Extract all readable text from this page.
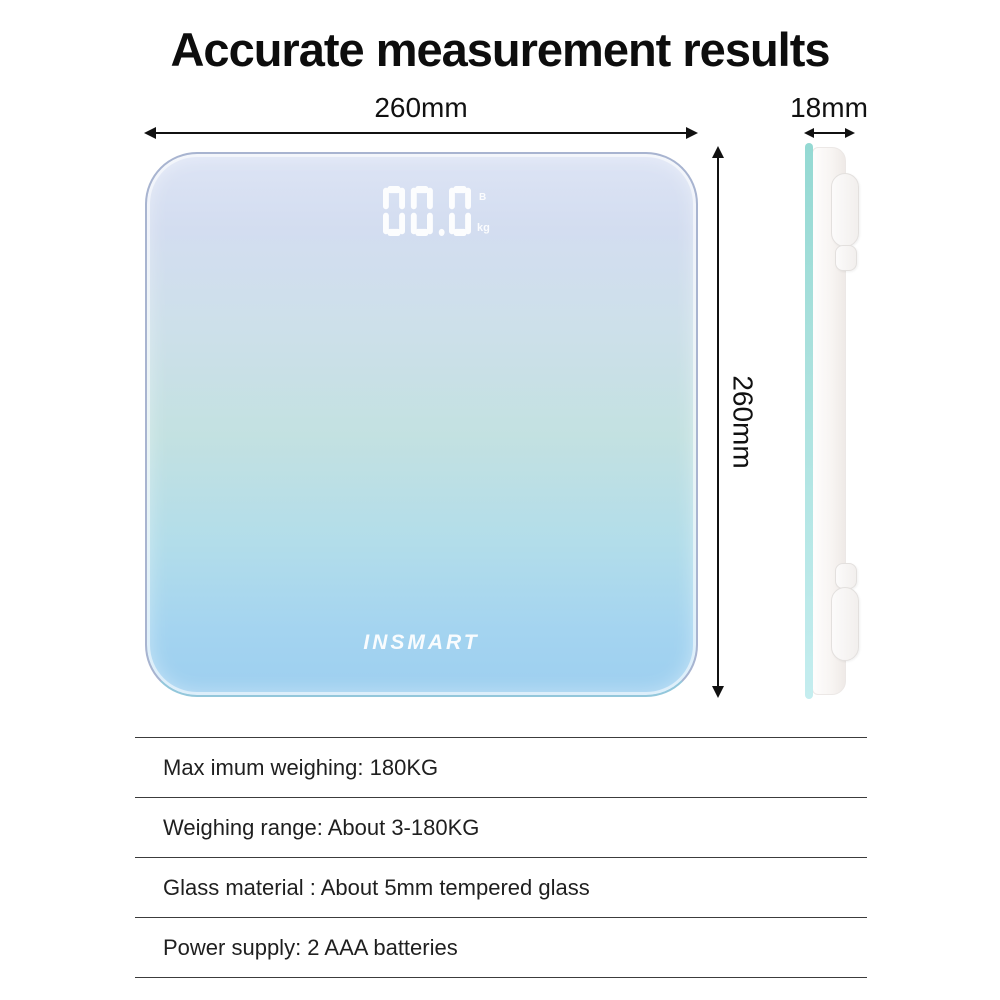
Accurate measurement results
260mm	18mm
260mm
B
kg
INSMART
Max imum weighing: 180KG
Weighing range: About 3-180KG
Glass material : About 5mm tempered glass
Power supply: 2 AAA batteries
